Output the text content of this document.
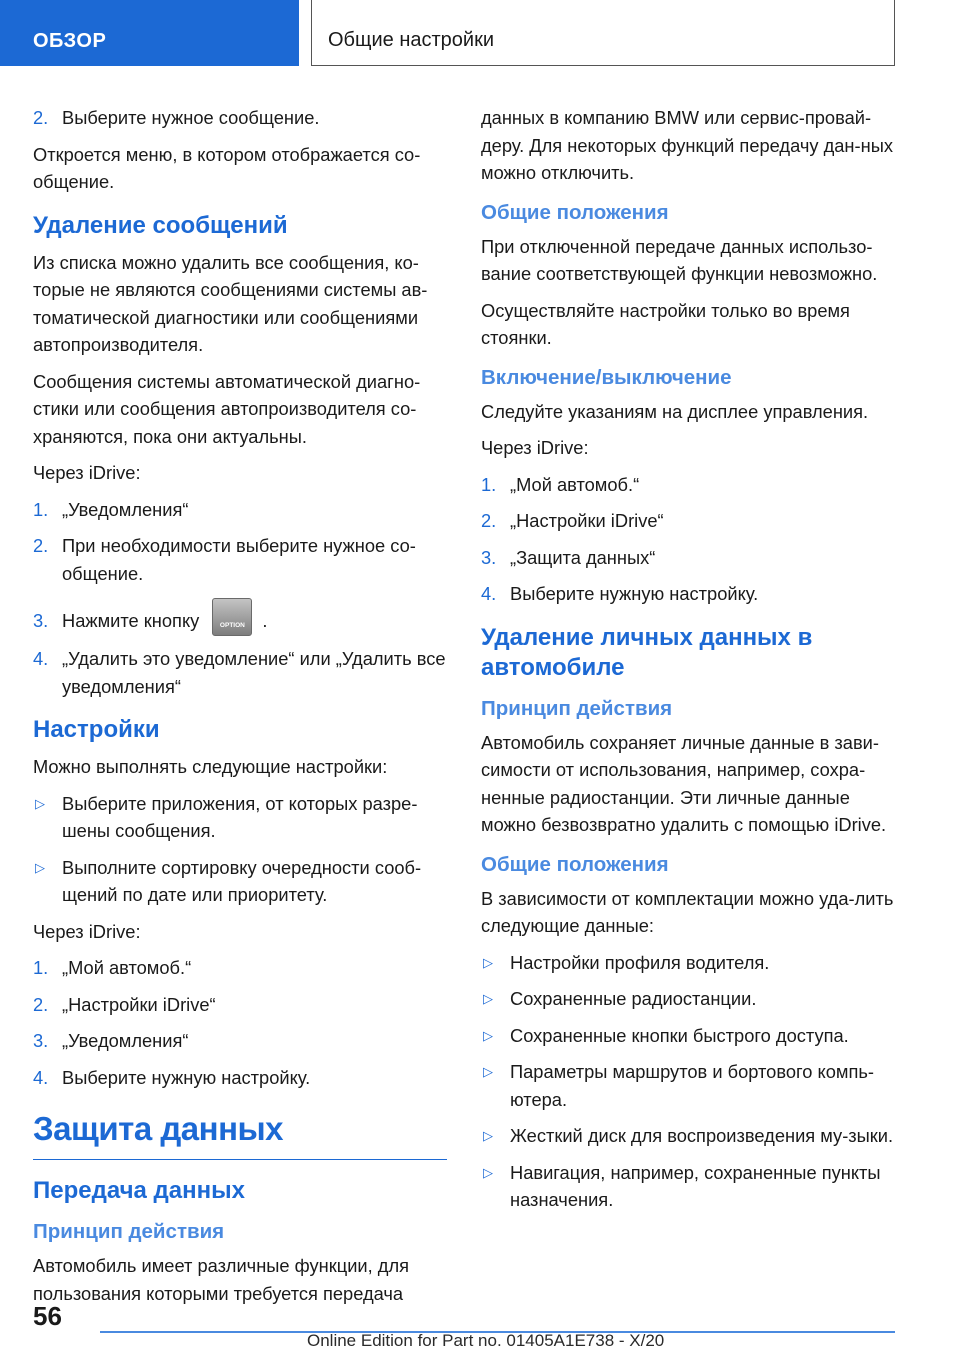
ОБЗОР	Общие настройки
2. Выберите нужное сообщение.

Откроется меню, в котором отображается со-общение.

Удаление сообщений

Из списка можно удалить все сообщения, ко-торые не являются сообщениями системы ав-томатической диагностики или сообщениями автопроизводителя.

Сообщения системы автоматической диагно-стики или сообщения автопроизводителя со-храняются, пока они актуальны.

Через iDrive:

1. „Уведомления“
2. При необходимости выберите нужное со-общение.
3. Нажмите кнопку	OPTION .
4. „Удалить это уведомление“ или „Удалить все уведомления“
Настройки

Можно выполнять следующие настройки:

▷ Выберите приложения, от которых разре-шены сообщения.
▷ Выполните сортировку очередности сооб-щений по дате или приоритету.

Через iDrive:

1. „Мой автомоб.“
2. „Настройки iDrive“
3. „Уведомления“
4. Выберите нужную настройку.
Защита данных
Передача данных
Принцип действия

Автомобиль имеет различные функции, для пользования которыми требуется передача

данных в компанию BMW или сервис-провай-деру. Для некоторых функций передачу дан-ных можно отключить.

Общие положения

При отключенной передаче данных использо-вание соответствующей функции невозможно.

Осуществляйте настройки только во время стоянки.

Включение/выключение

Следуйте указаниям на дисплее управления.

Через iDrive:

1. „Мой автомоб.“
2. „Настройки iDrive“
3. „Защита данных“
4. Выберите нужную настройку.
Удаление личных данных в автомобиле
Принцип действия

Автомобиль сохраняет личные данные в зави-симости от использования, например, сохра-ненные радиостанции. Эти личные данные можно безвозвратно удалить с помощью iDrive.

Общие положения

В зависимости от комплектации можно уда-лить следующие данные:

▷ Настройки профиля водителя.
▷ Сохраненные радиостанции.
▷ Сохраненные кнопки быстрого доступа.
▷ Параметры маршрутов и бортового компь-ютера.
▷ Жесткий диск для воспроизведения му-зыки.
▷ Навигация, например, сохраненные пункты назначения.
56
Online Edition for Part no. 01405A1E738 - X/20
